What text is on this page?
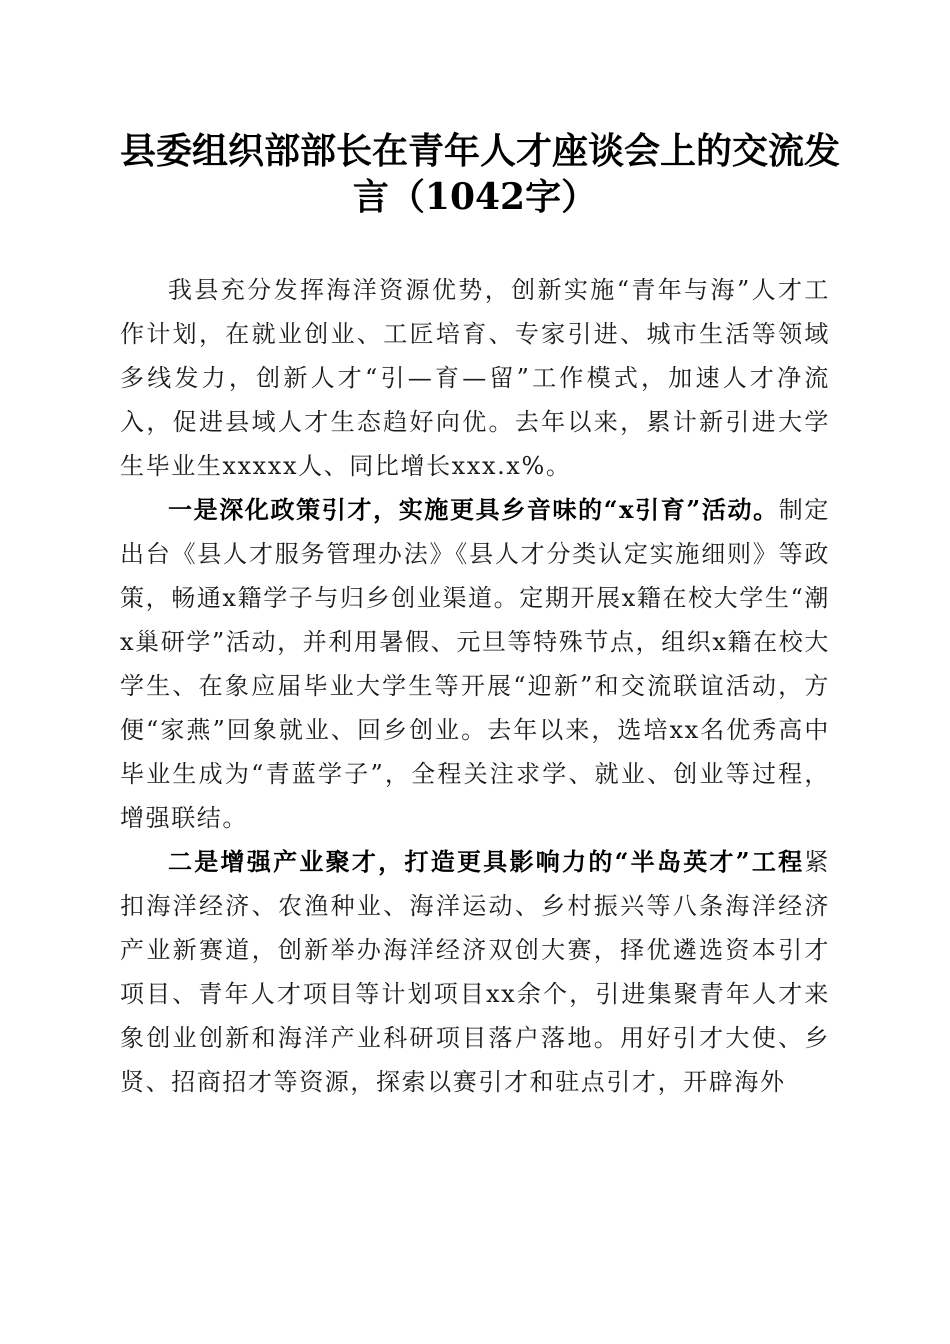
县委组织部部长在青年人才座谈会上的交流发
言（1042字）

我县充分发挥海洋资源优势，创新实施“青年与海”人才工作计划，在就业创业、工匠培育、专家引进、城市生活等领域多线发力，创新人才“引—育—留”工作模式，加速人才净流入，促进县域人才生态趋好向优。去年以来，累计新引进大学生毕业生xxxxx人、同比增长xxx.x%。

一是深化政策引才，实施更具乡音味的“x引育”活动。制定出台《县人才服务管理办法》《县人才分类认定实施细则》等政策，畅通x籍学子与归乡创业渠道。定期开展x籍在校大学生“潮x巢研学”活动，并利用暑假、元旦等特殊节点，组织x籍在校大学生、在象应届毕业大学生等开展“迎新”和交流联谊活动，方便“家燕”回象就业、回乡创业。去年以来，选培xx名优秀高中毕业生成为“青蓝学子”，全程关注求学、就业、创业等过程，增强联结。

二是增强产业聚才，打造更具影响力的“半岛英才”工程紧扣海洋经济、农渔种业、海洋运动、乡村振兴等八条海洋经济产业新赛道，创新举办海洋经济双创大赛，择优遴选资本引才项目、青年人才项目等计划项目xx余个，引进集聚青年人才来象创业创新和海洋产业科研项目落户落地。用好引才大使、乡贤、招商招才等资源，探索以赛引才和驻点引才，开辟海外
